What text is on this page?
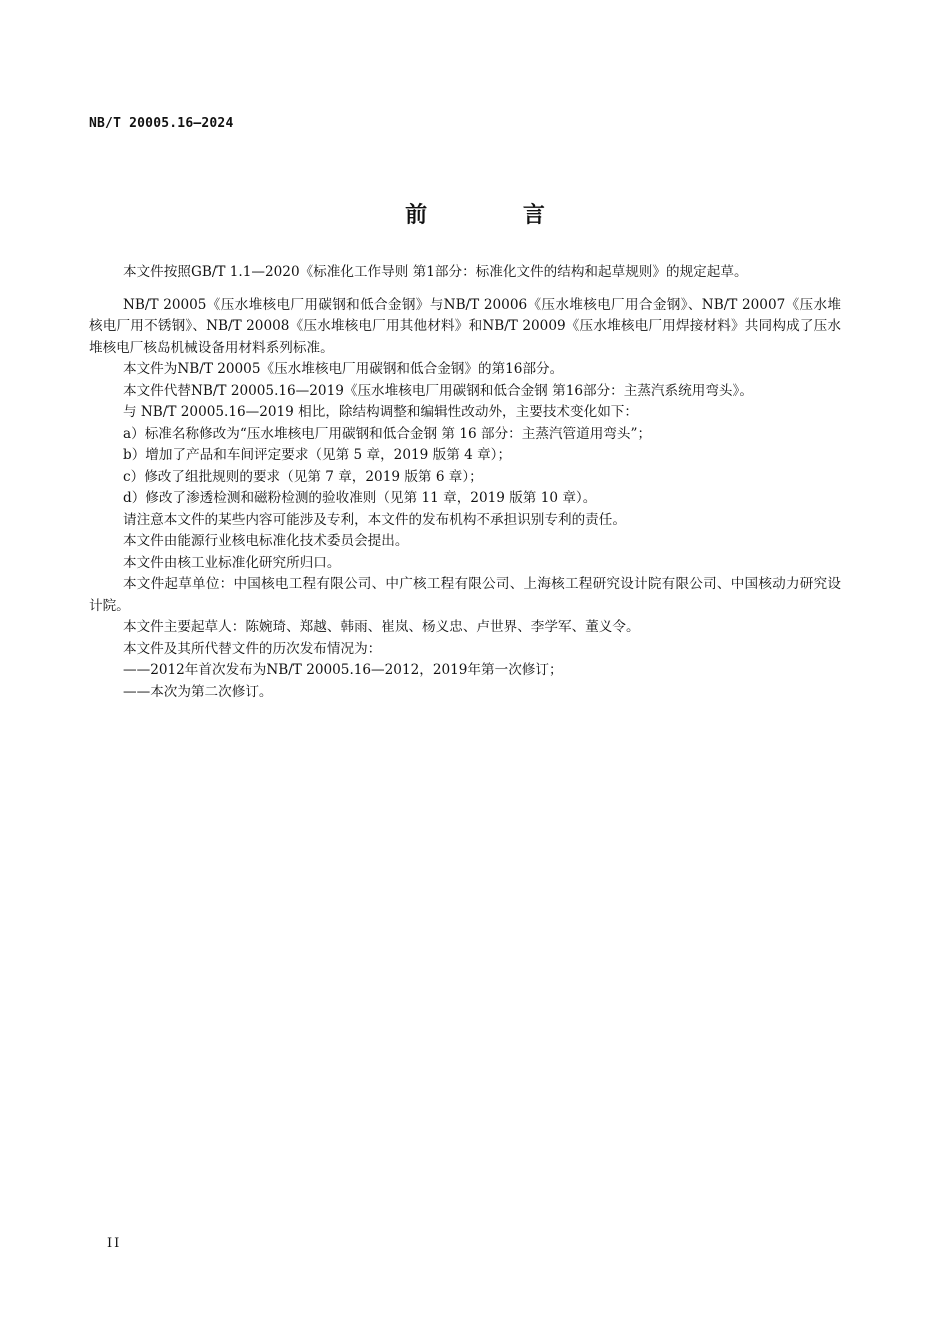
NB/T 20005.16—2024
前 言

本文件按照GB/T 1.1—2020《标准化工作导则 第1部分：标准化文件的结构和起草规则》的规定起草。

NB/T 20005《压水堆核电厂用碳钢和低合金钢》与NB/T 20006《压水堆核电厂用合金钢》、NB/T 20007《压水堆核电厂用不锈钢》、NB/T 20008《压水堆核电厂用其他材料》和NB/T 20009《压水堆核电厂用焊接材料》共同构成了压水堆核电厂核岛机械设备用材料系列标准。

本文件为NB/T 20005《压水堆核电厂用碳钢和低合金钢》的第16部分。

本文件代替NB/T 20005.16—2019《压水堆核电厂用碳钢和低合金钢 第16部分：主蒸汽系统用弯头》。

与 NB/T 20005.16—2019 相比，除结构调整和编辑性改动外，主要技术变化如下：

a）标准名称修改为“压水堆核电厂用碳钢和低合金钢 第 16 部分：主蒸汽管道用弯头”；

b）增加了产品和车间评定要求（见第 5 章，2019 版第 4 章）；

c）修改了组批规则的要求（见第 7 章，2019 版第 6 章）；

d）修改了渗透检测和磁粉检测的验收准则（见第 11 章，2019 版第 10 章）。

请注意本文件的某些内容可能涉及专利，本文件的发布机构不承担识别专利的责任。

本文件由能源行业核电标准化技术委员会提出。

本文件由核工业标准化研究所归口。

本文件起草单位：中国核电工程有限公司、中广核工程有限公司、上海核工程研究设计院有限公司、中国核动力研究设计院。

本文件主要起草人：陈婉琦、郑越、韩雨、崔岚、杨义忠、卢世界、李学军、董义令。

本文件及其所代替文件的历次发布情况为：

——2012年首次发布为NB/T 20005.16—2012，2019年第一次修订；

——本次为第二次修订。

II
